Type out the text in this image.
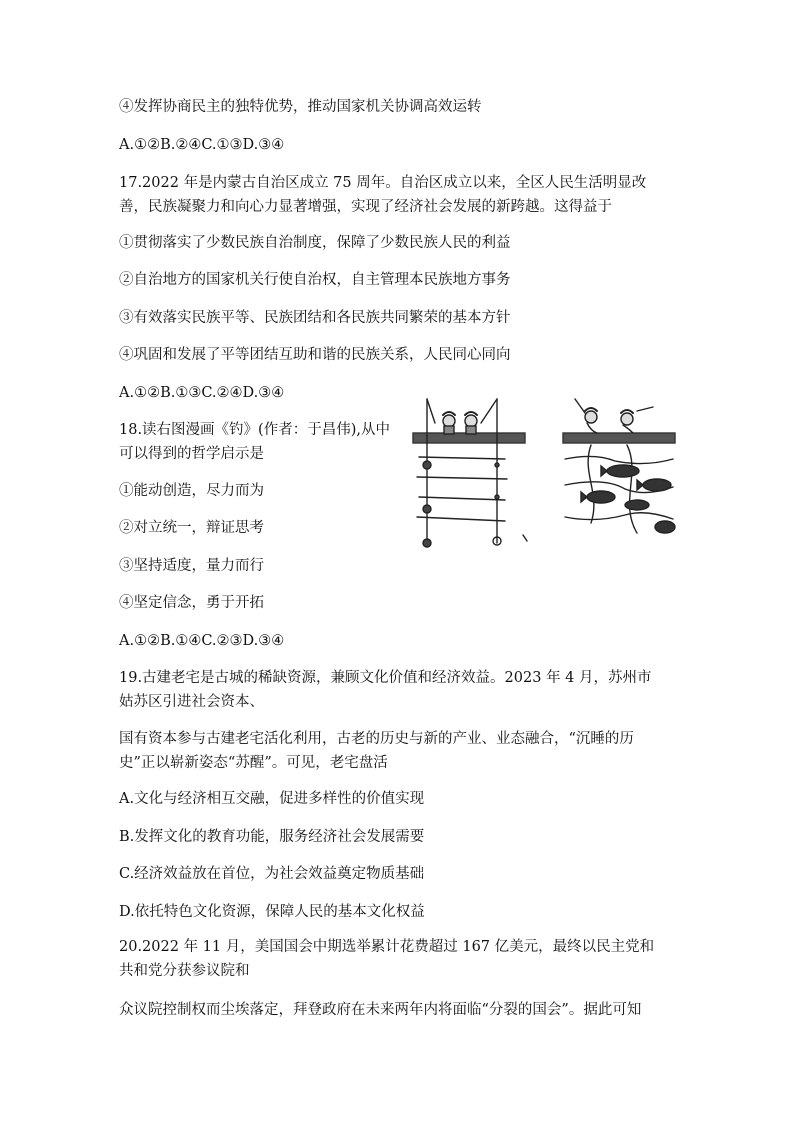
④发挥协商民主的独特优势，推动国家机关协调高效运转
A.①②B.②④C.①③D.③④
17.2022 年是内蒙古自治区成立 75 周年。自治区成立以来，全区人民生活明显改善，民族凝聚力和向心力显著增强，实现了经济社会发展的新跨越。这得益于
①贯彻落实了少数民族自治制度，保障了少数民族人民的利益
②自治地方的国家机关行使自治权，自主管理本民族地方事务
③有效落实民族平等、民族团结和各民族共同繁荣的基本方针
④巩固和发展了平等团结互助和谐的民族关系，人民同心同向
A.①②B.①③C.②④D.③④
18.读右图漫画《钓》(作者：于昌伟),从中
可以得到的哲学启示是
①能动创造，尽力而为
②对立统一，辩证思考
③坚持适度，量力而行
④坚定信念，勇于开拓
A.①②B.①④C.②③D.③④
19.古建老宅是古城的稀缺资源，兼顾文化价值和经济效益。2023 年 4 月，苏州市姑苏区引进社会资本、
国有资本参与古建老宅活化利用，古老的历史与新的产业、业态融合，“沉睡的历史”正以崭新姿态“苏醒”。可见，老宅盘活
A.文化与经济相互交融，促进多样性的价值实现
B.发挥文化的教育功能，服务经济社会发展需要
C.经济效益放在首位，为社会效益奠定物质基础
D.依托特色文化资源，保障人民的基本文化权益
20.2022 年 11 月，美国国会中期选举累计花费超过 167 亿美元，最终以民主党和共和党分获参议院和
众议院控制权而尘埃落定，拜登政府在未来两年内将面临“分裂的国会”。据此可知
